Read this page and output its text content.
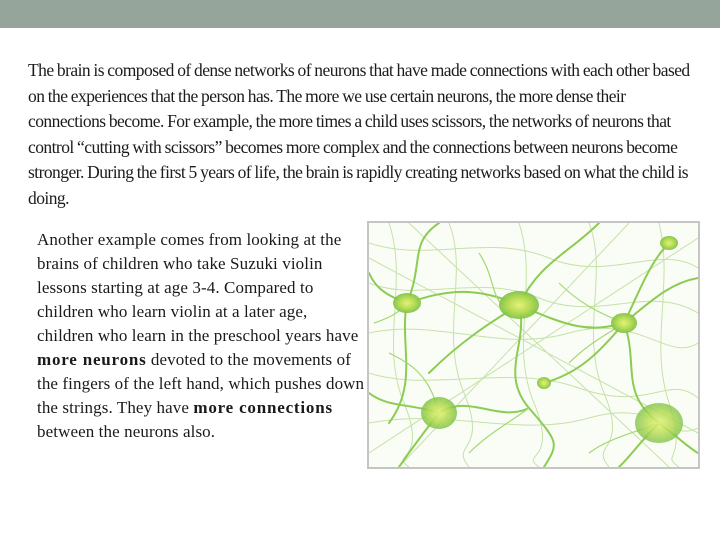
The brain is composed of dense networks of neurons that have made connections with each other based on the experiences that the person has. The more we use certain neurons, the more dense their connections become. For example, the more times a child uses scissors, the networks of neurons that control “cutting with scissors” becomes more complex and the connections between neurons become stronger. During the first 5 years of life, the brain is rapidly creating networks based on what the child is doing.

Another example comes from looking at the brains of children who take Suzuki violin lessons starting at age 3-4. Compared to children who learn violin at a later age, children who learn in the preschool years have more neurons devoted to the movements of the fingers of the left hand, which pushes down the strings. They have more connections between the neurons also.
